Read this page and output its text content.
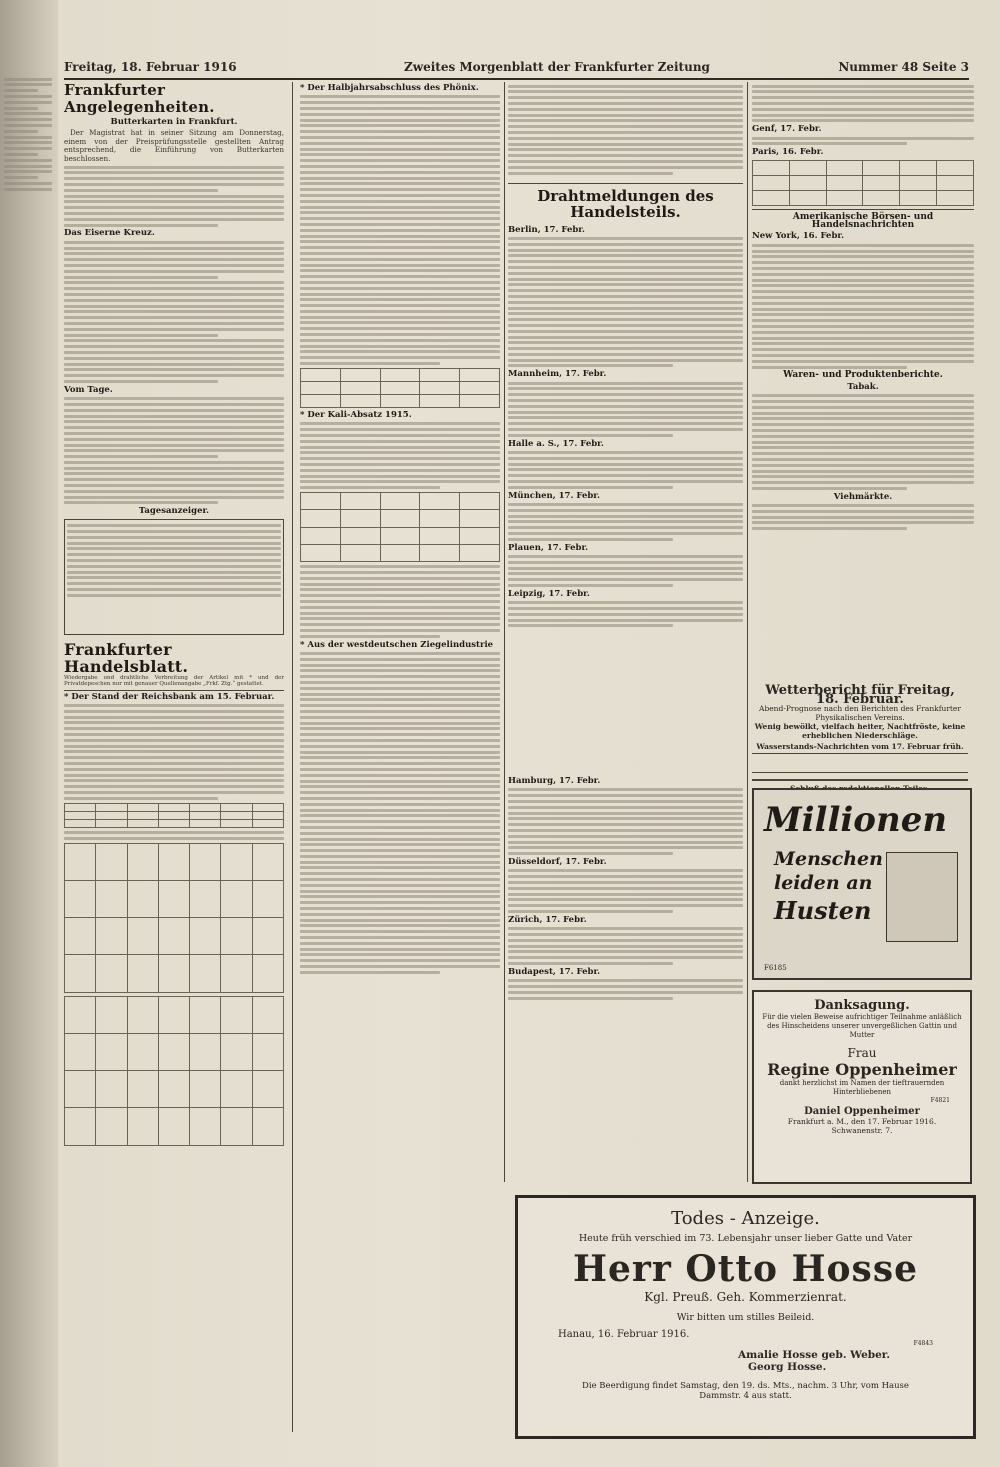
Freitag, 18. Februar 1916	Zweites Morgenblatt der Frankfurter Zeitung	Nummer 48 Seite 3
Frankfurter Angelegenheiten.
Butterkarten in Frankfurt.

Der Magistrat hat in seiner Sitzung am Donnerstag, einem von der Preisprüfungsstelle gestellten Antrag entsprechend, die Einführung von Butterkarten beschlossen.

Das Eiserne Kreuz.
Vom Tage.
Tagesanzeiger.
Frankfurter Handelsblatt.
Wiedergabe und drahtliche Verbreitung der Artikel mit * und der Privatdepeschen nur mit genauer Quellenangabe „Frkf. Ztg.“ gestattet.
* Der Stand der Reichsbank am 15. Februar.

* Der Halbjahrsabschluss des Phönix.

* Der Kali-Absatz 1915.

* Aus der westdeutschen Ziegelindustrie
Drahtmeldungen des Handelsteils.
Berlin, 17. Febr.
Mannheim, 17. Febr.
Halle a. S., 17. Febr.
München, 17. Febr.
Plauen, 17. Febr.
Leipzig, 17. Febr.
Hamburg, 17. Febr.
Düsseldorf, 17. Febr.
Zürich, 17. Febr.
Budapest, 17. Febr.
Genf, 17. Febr.
Paris, 16. Febr.

Amerikanische Börsen- und Handelsnachrichten
New York, 16. Febr.
Waren- und Produktenberichte.
Tabak.
Viehmärkte.
Wetterbericht für Freitag, 18. Februar.
Abend-Prognose nach den Berichten des Frankfurter Physikalischen Vereins.
Wenig bewölkt, vielfach heiter, Nachtfröste, keine erheblichen Niederschläge.
Wasserstands-Nachrichten vom 17. Februar früh.
Millionen
Menschen
leiden an
Husten
F6185
Danksagung.
Für die vielen Beweise aufrichtiger Teilnahme anläßlich des Hinscheidens unserer unvergeßlichen Gattin und Mutter
Frau
Regine Oppenheimer
dankt herzlichst im Namen der tieftrauernden Hinterbliebenen
F4821
Daniel Oppenheimer
Frankfurt a. M., den 17. Februar 1916.
Schwanenstr. 7.
Todes - Anzeige.
Heute früh verschied im 73. Lebensjahr unser lieber Gatte und Vater
Herr Otto Hosse
Kgl. Preuß. Geh. Kommerzienrat.
Wir bitten um stilles Beileid.
Hanau, 16. Februar 1916.
F4843
Amalie Hosse geb. Weber.
Georg Hosse.
Die Beerdigung findet Samstag, den 19. ds. Mts., nachm. 3 Uhr, vom Hause Dammstr. 4 aus statt.
